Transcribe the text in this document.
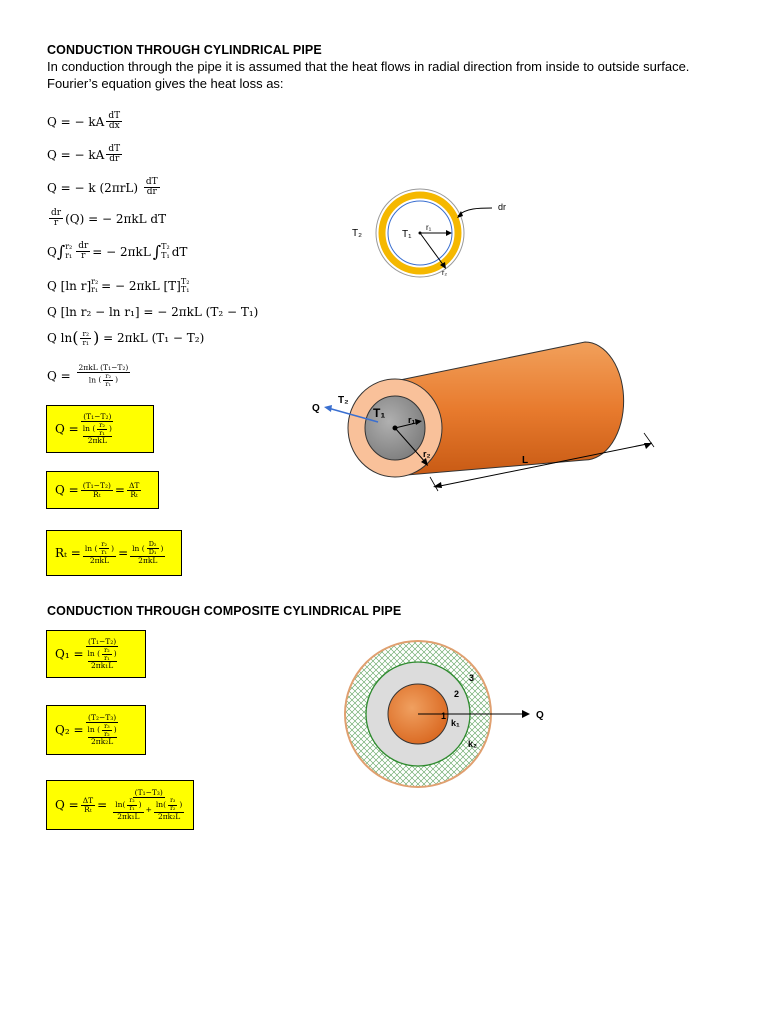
CONDUCTION THROUGH CYLINDRICAL PIPE
In conduction through the pipe it is assumed that the heat flows in radial direction from inside to outside surface. Fourier’s equation gives the heat loss as:
Q
= − kA $\frac{dT}{dx}$
Q
= − kA $\frac{dT}{dr}$
Q
= − k (2πrL)
$\frac{dT}{dr}$
$\frac{dr}{r} (Q)$
= − 2πkL dT
Q ∫ r₂
$r_1 \frac{dr}{r}$ = − 2πkL ∫ T₂
T₁ dT
Q [ln r] r₂
r₁ = − 2πkL [T] T₂
T₁
Q [ln r₂ − ln r₁] = − 2πkL (T₂ − T₁)
Q ln ( $\frac{\text{r₂}}{\text{r₁}}$ )
= 2πkL (T₁ − T₂)
$Q = \frac{\text{2πkL (T₁−T₂)}}{\ln ( \frac{\text{r₂}}{\text{r₁}} )}$
Q = (T₁−T₂)
ln ( $\frac{\text{r₂}}{\text{r₁}}$ )
2πkL
$Q = \frac{\text{(T₁−T₂)}}{\text{Rₜ}} = \frac{\Delta T}{\text{Rₜ}}$
$R_t = \frac{\ln ( \frac{\text{r₂}}{\text{r₁}} )}{\text{2πkL}} = \frac{\ln ( \frac{\text{D₂}}{\text{D₁}} )}{\text{2πkL}}$
CONDUCTION THROUGH COMPOSITE CYLINDRICAL PIPE
Q₁ = (T₁−T₂)
ln ( $\frac{\text{r₂}}{\text{r₁}}$ )
2πk₁L
Q₂ = (T₂−T₃)
ln ( $\frac{\text{r₃}}{\text{r₂}}$ )
2πk₂L
$Q = \frac{\Delta T}{\text{Rₜ}}$ =
(T₁−T₃)
$\frac{\ln ( \frac{\text{r₂}}{\text{r₁}} )}{\text{2πk₁L}} + \frac{\ln ( \frac{\text{r₃}}{\text{r₂}} )}{\text{2πk₂L}}$
dr
T₂	T₁
r₁
r₂
Q
T₂
T₁	r₁
r₂
L
Q
1
2
3
k₁
k₂
